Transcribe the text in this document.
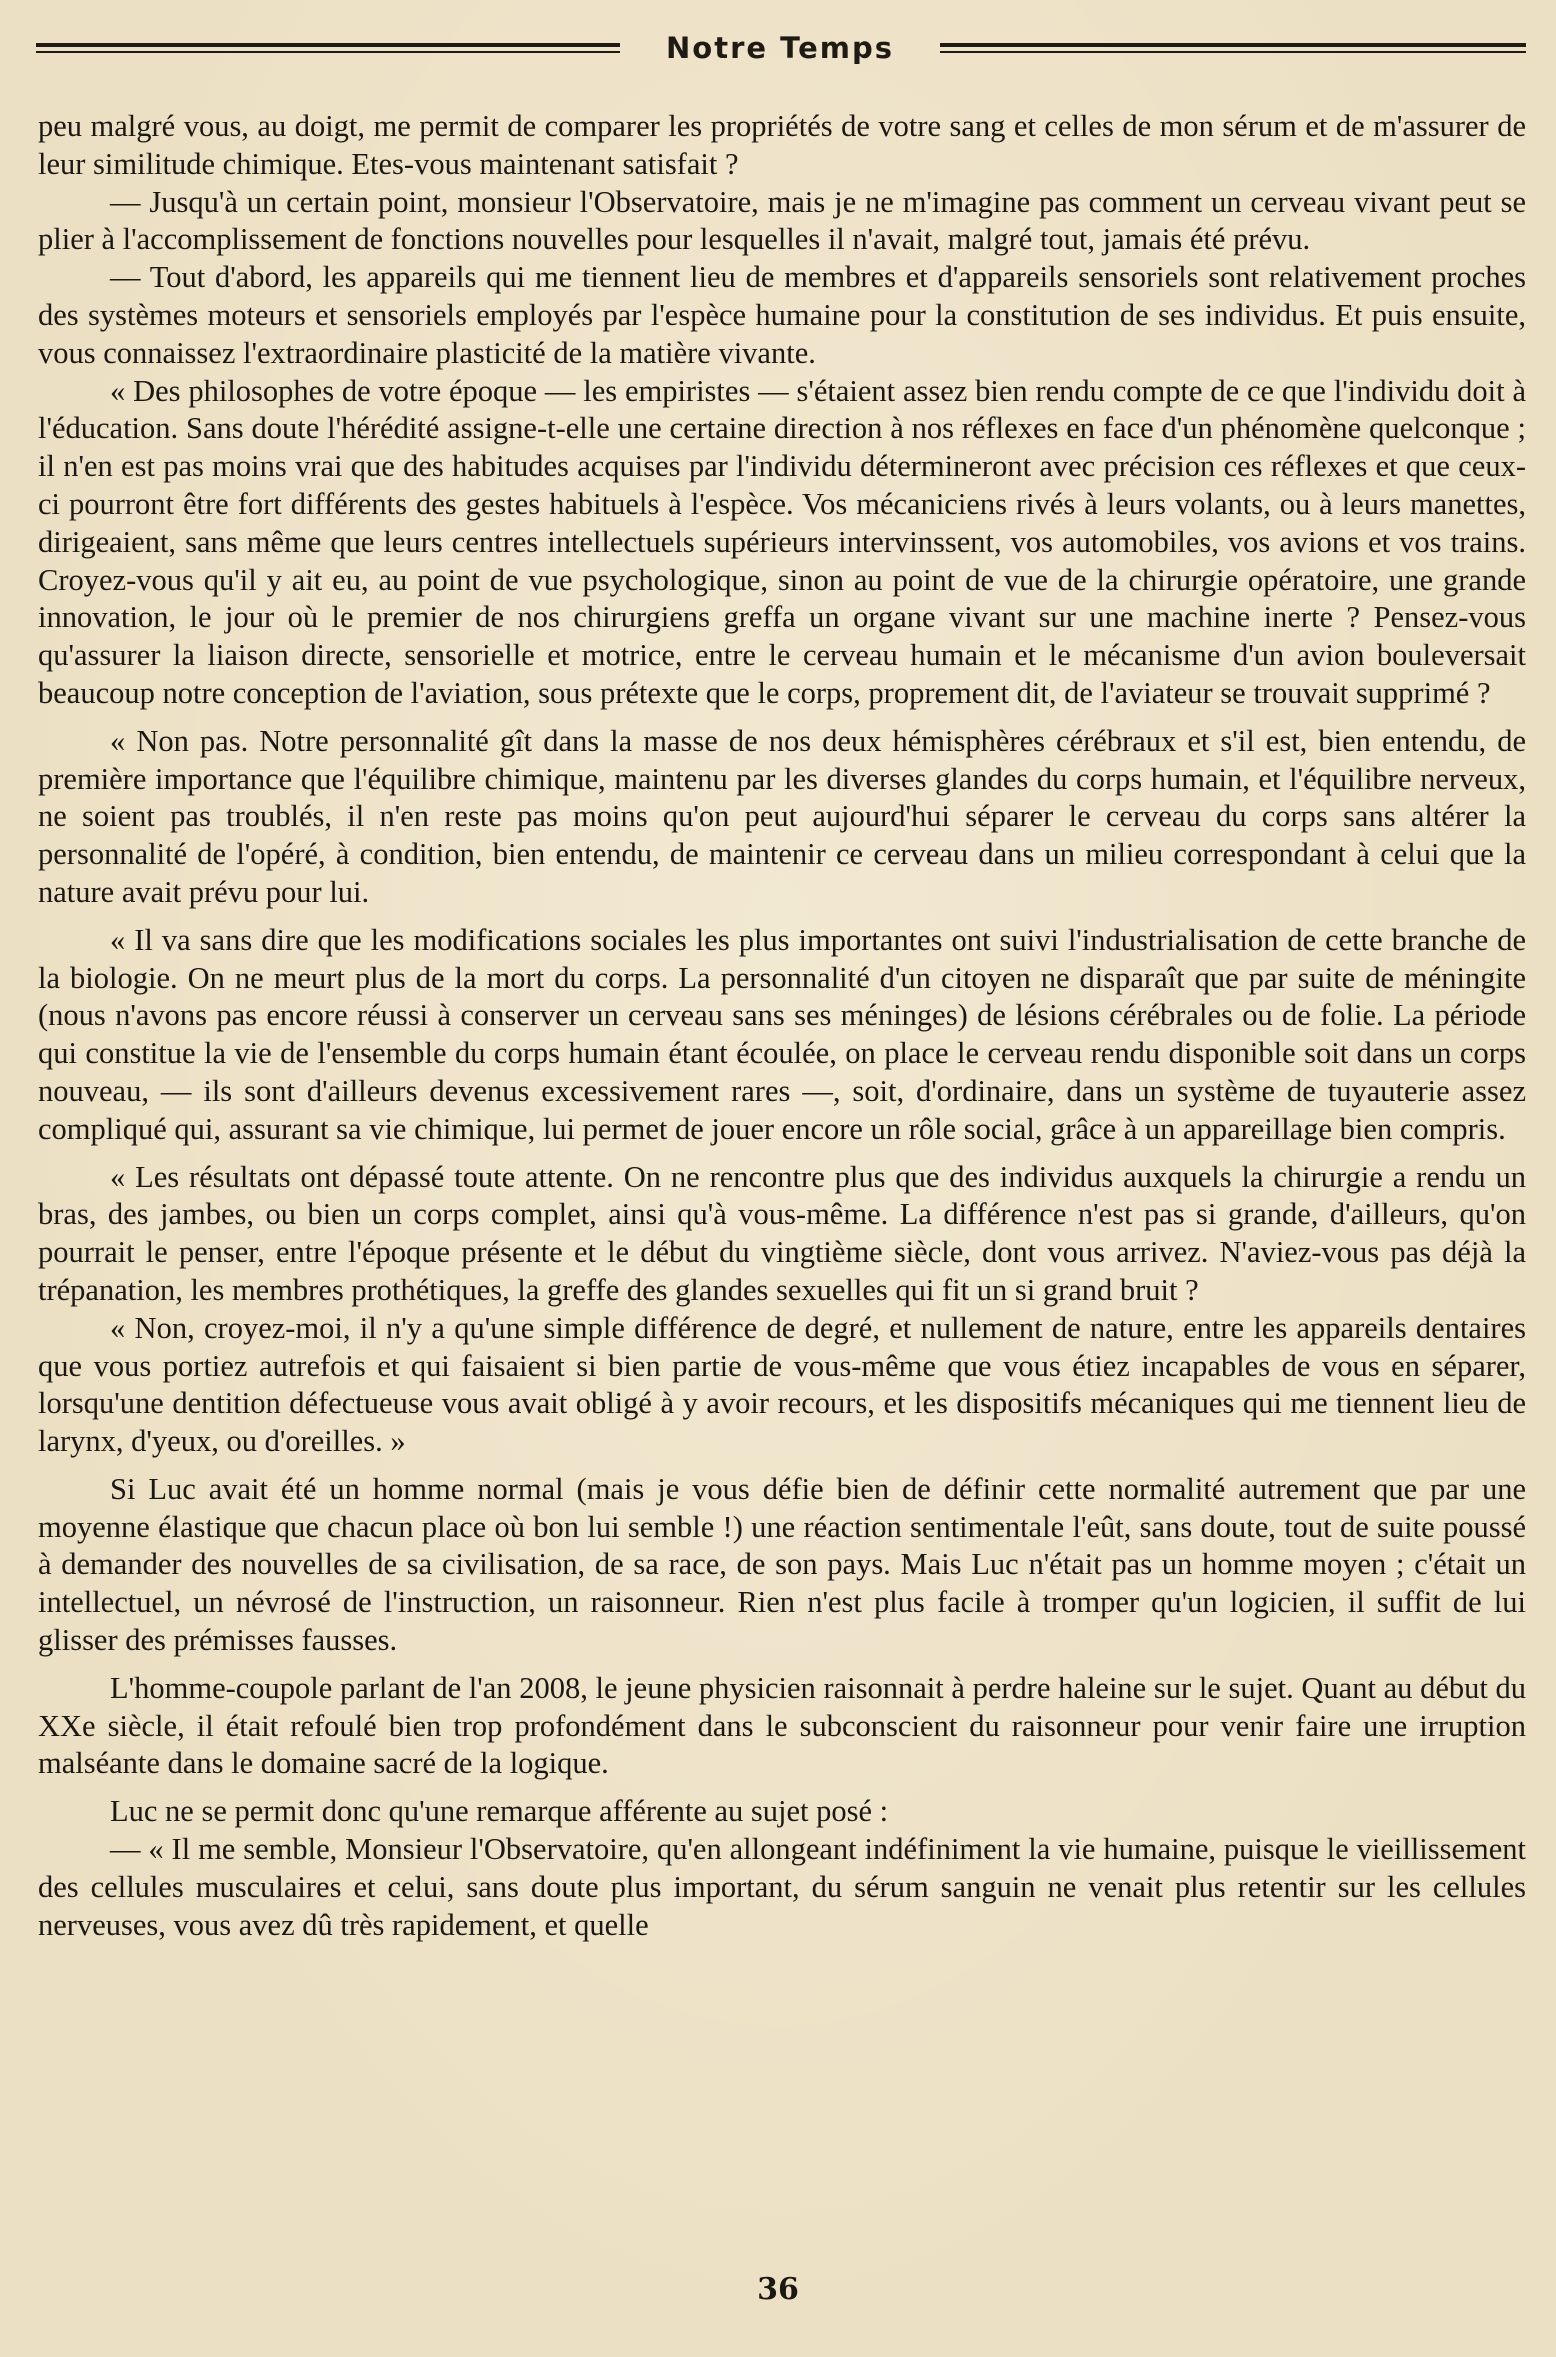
Notre Temps

peu malgré vous, au doigt, me permit de comparer les propriétés de votre sang et celles de mon sérum et de m'assurer de leur similitude chimique. Etes-vous maintenant satisfait ?

— Jusqu'à un certain point, monsieur l'Observatoire, mais je ne m'imagine pas comment un cerveau vivant peut se plier à l'accomplissement de fonctions nouvelles pour lesquelles il n'avait, malgré tout, jamais été prévu.

— Tout d'abord, les appareils qui me tiennent lieu de membres et d'appareils sensoriels sont relativement proches des systèmes moteurs et sensoriels employés par l'espèce humaine pour la constitution de ses individus. Et puis ensuite, vous connaissez l'extraordinaire plasticité de la matière vivante.

« Des philosophes de votre époque — les empiristes — s'étaient assez bien rendu compte de ce que l'individu doit à l'éducation. Sans doute l'hérédité assigne-t-elle une certaine direction à nos réflexes en face d'un phénomène quelconque ; il n'en est pas moins vrai que des habitudes acquises par l'individu détermineront avec précision ces réflexes et que ceux-ci pourront être fort différents des gestes habituels à l'espèce. Vos mécaniciens rivés à leurs volants, ou à leurs manettes, dirigeaient, sans même que leurs centres intellectuels supérieurs intervinssent, vos automobiles, vos avions et vos trains. Croyez-vous qu'il y ait eu, au point de vue psychologique, sinon au point de vue de la chirurgie opératoire, une grande innovation, le jour où le premier de nos chirurgiens greffa un organe vivant sur une machine inerte ? Pensez-vous qu'assurer la liaison directe, sensorielle et motrice, entre le cerveau humain et le mécanisme d'un avion bouleversait beaucoup notre conception de l'aviation, sous prétexte que le corps, proprement dit, de l'aviateur se trouvait supprimé ?

« Non pas. Notre personnalité gît dans la masse de nos deux hémisphères cérébraux et s'il est, bien entendu, de première importance que l'équilibre chimique, maintenu par les diverses glandes du corps humain, et l'équilibre nerveux, ne soient pas troublés, il n'en reste pas moins qu'on peut aujourd'hui séparer le cerveau du corps sans altérer la personnalité de l'opéré, à condition, bien entendu, de maintenir ce cerveau dans un milieu correspondant à celui que la nature avait prévu pour lui.

« Il va sans dire que les modifications sociales les plus importantes ont suivi l'industrialisation de cette branche de la biologie. On ne meurt plus de la mort du corps. La personnalité d'un citoyen ne disparaît que par suite de méningite (nous n'avons pas encore réussi à conserver un cerveau sans ses méninges) de lésions cérébrales ou de folie. La période qui constitue la vie de l'ensemble du corps humain étant écoulée, on place le cerveau rendu disponible soit dans un corps nouveau, — ils sont d'ailleurs devenus excessivement rares —, soit, d'ordinaire, dans un système de tuyauterie assez compliqué qui, assurant sa vie chimique, lui permet de jouer encore un rôle social, grâce à un appareillage bien compris.

« Les résultats ont dépassé toute attente. On ne rencontre plus que des individus auxquels la chirurgie a rendu un bras, des jambes, ou bien un corps complet, ainsi qu'à vous-même. La différence n'est pas si grande, d'ailleurs, qu'on pourrait le penser, entre l'époque présente et le début du vingtième siècle, dont vous arrivez. N'aviez-vous pas déjà la trépanation, les membres prothétiques, la greffe des glandes sexuelles qui fit un si grand bruit ?

« Non, croyez-moi, il n'y a qu'une simple différence de degré, et nullement de nature, entre les appareils dentaires que vous portiez autrefois et qui faisaient si bien partie de vous-même que vous étiez incapables de vous en séparer, lorsqu'une dentition défectueuse vous avait obligé à y avoir recours, et les dispositifs mécaniques qui me tiennent lieu de larynx, d'yeux, ou d'oreilles. »

Si Luc avait été un homme normal (mais je vous défie bien de définir cette normalité autrement que par une moyenne élastique que chacun place où bon lui semble !) une réaction sentimentale l'eût, sans doute, tout de suite poussé à demander des nouvelles de sa civilisation, de sa race, de son pays. Mais Luc n'était pas un homme moyen ; c'était un intellectuel, un névrosé de l'instruction, un raisonneur. Rien n'est plus facile à tromper qu'un logicien, il suffit de lui glisser des prémisses fausses.

L'homme-coupole parlant de l'an 2008, le jeune physicien raisonnait à perdre haleine sur le sujet. Quant au début du XXe siècle, il était refoulé bien trop profondément dans le subconscient du raisonneur pour venir faire une irruption malséante dans le domaine sacré de la logique.

Luc ne se permit donc qu'une remarque afférente au sujet posé :

— « Il me semble, Monsieur l'Observatoire, qu'en allongeant indéfiniment la vie humaine, puisque le vieillissement des cellules musculaires et celui, sans doute plus important, du sérum sanguin ne venait plus retentir sur les cellules nerveuses, vous avez dû très rapidement, et quelle

36
